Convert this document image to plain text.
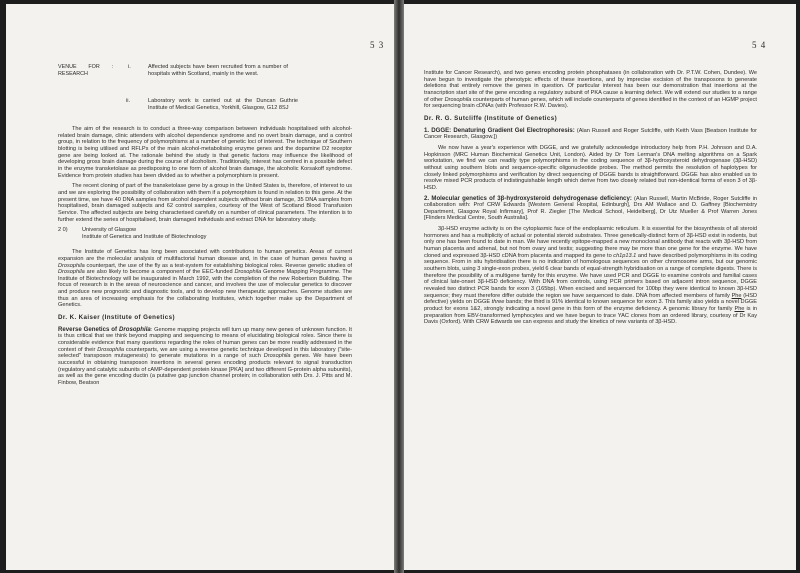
5 3
VENUE FOR : RESEARCH
i.	Affected subjects have been recruited from a number of hospitals within Scotland, mainly in the west.
ii.	Laboratory work is carried out at the Duncan Guthrie Institute of Medical Genetics, Yorkhill, Glasgow, G12 8SJ

The aim of the research is to conduct a three-way comparison between individuals hospitalised with alcohol-related brain damage, clinic attenders with alcohol dependence syndrome and no overt brain damage, and a control group, in relation to the frequency of polymorphisms at a number of genetic loci of interest. The technique of Southern blotting is being utilised and RFLPs of the main alcohol-metabolising enzyme genes and the dopamine D2 receptor gene are being looked at. The rationale behind the study is that genetic factors may influence the likelihood of developing gross brain damage during the course of alcoholism. Traditionally, interest has centred in a possible defect in the enzyme transketolase as predisposing to one form of alcohol brain damage, the alcoholic Korsakoff syndrome. Evidence from protein studies has been divided as to whether a polymorphism is present.

The recent cloning of part of the transketolase gene by a group in the United States is, therefore, of interest to us and we are exploring the possibility of collaboration with them if a polymorphism is found in relation to this gene. At the present time, we have 40 DNA samples from alcohol dependent subjects without brain damage, 35 DNA samples from hospitalised, brain damaged subjects and 62 control samples, courtesy of the West of Scotland Blood Transfusion Service. The affected subjects are being characterised carefully on a number of clinical parameters. The intention is to further extend the series of hospitalised, brain damaged individuals and extract DNA for laboratory study.

2 0)	University of Glasgow
Institute of Genetics and Institute of Biotechnology

The Institute of Genetics has long been associated with contributions to human genetics. Areas of current expansion are the molecular analysis of multifactorial human disease and, in the case of human genes having a Drosophila counterpart, the use of the fly as a test-system for establishing biological roles. Reverse genetic studies of Drosophila are also likely to become a component of the EEC-funded Drosophila Genome Mapping Programme. The Institute of Biotechnology will be inaugurated in March 1992, with the completion of the new Robertson Building. The focus of research is in the areas of neuroscience and cancer, and involves the use of molecular genetics to discover and produce new prognostic and diagnostic tools, and to develop new therapeutic approaches. Genome studies are thus an area of increasing emphasis for the collaborating Institutes, which together make up the Department of Genetics.

Dr. K. Kaiser (Institute of Genetics)

Reverse Genetics of Drosophila: Genome mapping projects will turn up many new genes of unknown function. It is thus critical that we think beyond mapping and sequencing to means of elucidating biological roles. Since there is considerable evidence that many questions regarding the roles of human genes can be more readily addressed in the context of their Drosophila counterparts, we are using a reverse genetic technique developed in this laboratory ("site-selected" transposon mutagenesis) to generate mutations in a range of such Drosophila genes. We have been successful in obtaining transposon insertions in several genes encoding products relevant to signal transduction (regulatory and catalytic subunits of cAMP-dependent protein kinase [PKA] and two different G-protein alpha subunits), as well as the gene encoding ductin (a putative gap junction channel protein; in collaboration with Drs. J. Pitts and M. Finbow, Beatson

5 4

Institute for Cancer Research), and two genes encoding protein phosphatases (in collaboration with Dr. P.T.W. Cohen, Dundee). We have begun to investigate the phenotypic effects of these insertions, and by imprecise excision of the transposons to generate deletions that entirely remove the genes in question. Of particular interest has been our demonstration that insertions at the transcription start site of the gene encoding a regulatory subunit of PKA cause a learning defect. We will extend our studies to a range of other Drosophila counterparts of human genes, which will include counterparts of genes identified in the context of an HGMP project for sequencing brain cDNAs (with Professor R.W. Davies).

Dr. R. G. Sutcliffe (Institute of Genetics)

1. DGGE: Denaturing Gradient Gel Electrophoresis: (Alan Russell and Roger Sutcliffe, with Keith Vass [Beatson Institute for Cancer Research, Glasgow.])

We now have a year's experience with DGGE, and we gratefully acknowledge introductory help from P.H. Johnson and D.A. Hopkinson (MRC Human Biochemical Genetics Unit, London). Aided by Dr Tom Lerman's DNA melting algorithms on a Spark workstation, we find we can readily type polymorphisms in the coding sequence of 3β-hydroxysteroid dehydrogenase (3β-HSD) without using southern blots and sequence-specific oligonucleotide probes. The method permits the resolution of haplotypes for closely linked polymorphisms and verification by direct sequencing of DGGE bands is straightforward. DGGE has also enabled us to resolve mixed PCR products of indistinguishable length which derive from two closely related but non-identical forms of exon 3 of 3β-HSD.

2. Molecular genetics of 3β-hydroxysteroid dehydrogenase deficiency: (Alan Russell, Martin McBride, Roger Sutcliffe in collaboration with: Prof CRW Edwards [Western General Hospital, Edinburgh], Drs AM Wallace and D. Gaffney [Biochemistry Department, Glasgow Royal Infirmary], Prof R. Ziegler [The Medical School, Heidelberg], Dr Utz Mueller & Prof Warren Jones [Flinders Medical Centre, South Australia].

3β-HSD enzyme activity is on the cytoplasmic face of the endoplasmic reticulum. It is essential for the biosynthesis of all steroid hormones and has a multiplicity of actual or potential steroid substrates. Three genetically-distinct form of 3β-HSD exist in rodents, but only one has been found to date in man. We have recently epitope-mapped a new monoclonal antibody that reacts with 3β-HSD from human placenta and adrenal, but not from ovary and testis; suggesting there may be more than one gene for the enzyme. We have cloned and expressed 3β-HSD cDNA from placenta and mapped its gene to ch1p13.1 and have described polymorphisms in its coding sequence. From in situ hybridisation there is no indication of homologous sequences on other chromosome arms, but our genomic southern blots, using 3 single-exon probes, yield 6 clear bands of equal-strength hybridisation on a range of complete digests. There is therefore the possibility of a multigene family for this enzyme. We have used PCR and DGGE to examine controls and familial cases of clinical late-onset 3β-HSD deficiency. With DNA from controls, using PCR primers based on adjacent intron sequence, DGGE revealed two distinct PCR bands for exon 3 (165bp). When excised and sequenced for 100bp they were identical to known 3β-HSD sequence; they must therefore differ outside the region we have sequenced to date. DNA from affected members of family Phe (HSD defective) yields on DGGE three bands; the third is 91% identical to known sequence for exon 3. This family also yields a novel DGGE product for exons 1&2, strongly indicating a novel gene in this form of the enzyme deficiency. A genomic library for family Phe is in preparation from EBV-transformed lymphocytes and we have begun to trace YAC clones from an ordered library, courtesy of Dr Kay Davis (Oxford). With CRW Edwards we can express and study the kinetics of new variants of 3β-HSD.
